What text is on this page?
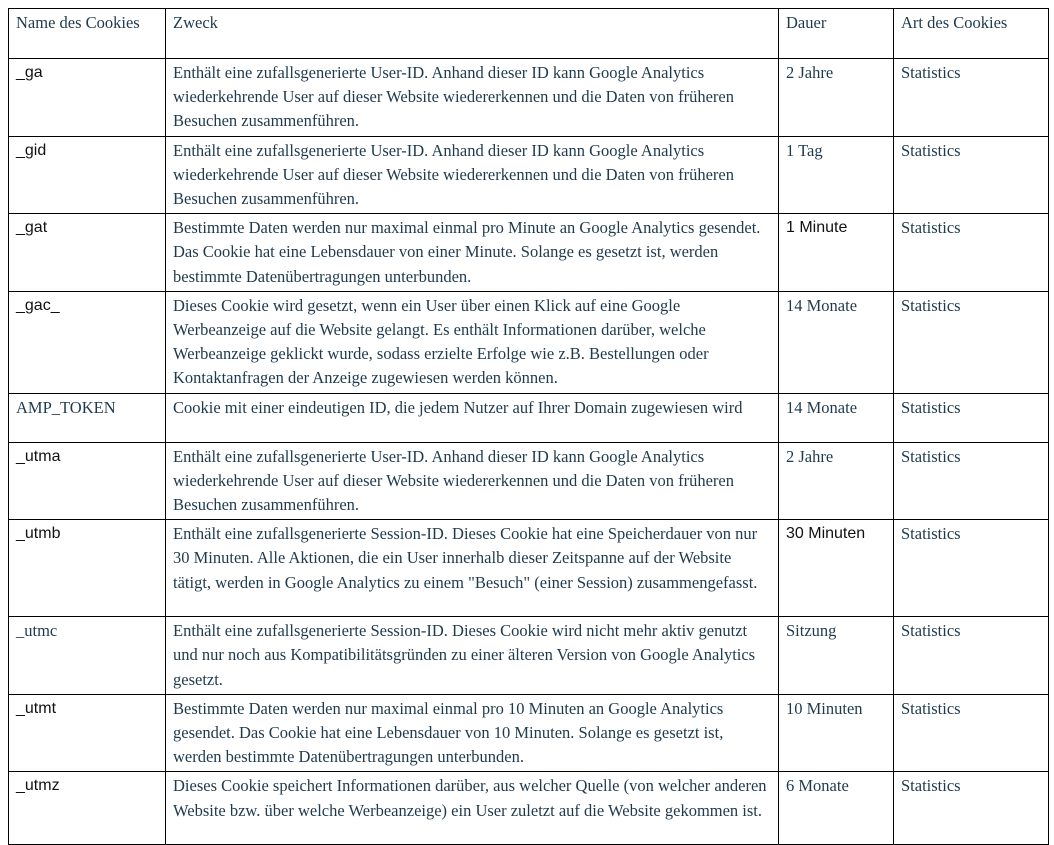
Name des Cookies	Zweck	Dauer	Art des Cookies
_ga	Enthält eine zufallsgenerierte User-ID. Anhand dieser ID kann Google Analytics wiederkehrende User auf dieser Website wiedererkennen und die Daten von früheren Besuchen zusammenführen.	2 Jahre	Statistics
_gid	Enthält eine zufallsgenerierte User-ID. Anhand dieser ID kann Google Analytics wiederkehrende User auf dieser Website wiedererkennen und die Daten von früheren Besuchen zusammenführen.	1 Tag	Statistics
_gat	Bestimmte Daten werden nur maximal einmal pro Minute an Google Analytics gesendet. Das Cookie hat eine Lebensdauer von einer Minute. Solange es gesetzt ist, werden bestimmte Datenübertragungen unterbunden.	1 Minute	Statistics
_gac_	Dieses Cookie wird gesetzt, wenn ein User über einen Klick auf eine Google Werbeanzeige auf die Website gelangt. Es enthält Informationen darüber, welche Werbeanzeige geklickt wurde, sodass erzielte Erfolge wie z.B. Bestellungen oder Kontaktanfragen der Anzeige zugewiesen werden können.	14 Monate	Statistics
AMP_TOKEN	Cookie mit einer eindeutigen ID, die jedem Nutzer auf Ihrer Domain zugewiesen wird	14 Monate	Statistics
_utma	Enthält eine zufallsgenerierte User-ID. Anhand dieser ID kann Google Analytics wiederkehrende User auf dieser Website wiedererkennen und die Daten von früheren Besuchen zusammenführen.	2 Jahre	Statistics
_utmb	Enthält eine zufallsgenerierte Session-ID. Dieses Cookie hat eine Speicherdauer von nur 30 Minuten. Alle Aktionen, die ein User innerhalb dieser Zeitspanne auf der Website tätigt, werden in Google Analytics zu einem "Besuch" (einer Session) zusammengefasst.	30 Minuten	Statistics
_utmc	Enthält eine zufallsgenerierte Session-ID. Dieses Cookie wird nicht mehr aktiv genutzt und nur noch aus Kompatibilitätsgründen zu einer älteren Version von Google Analytics gesetzt.	Sitzung	Statistics
_utmt	Bestimmte Daten werden nur maximal einmal pro 10 Minuten an Google Analytics gesendet. Das Cookie hat eine Lebensdauer von 10 Minuten. Solange es gesetzt ist, werden bestimmte Datenübertragungen unterbunden.	10 Minuten	Statistics
_utmz	Dieses Cookie speichert Informationen darüber, aus welcher Quelle (von welcher anderen Website bzw. über welche Werbeanzeige) ein User zuletzt auf die Website gekommen ist.	6 Monate	Statistics
